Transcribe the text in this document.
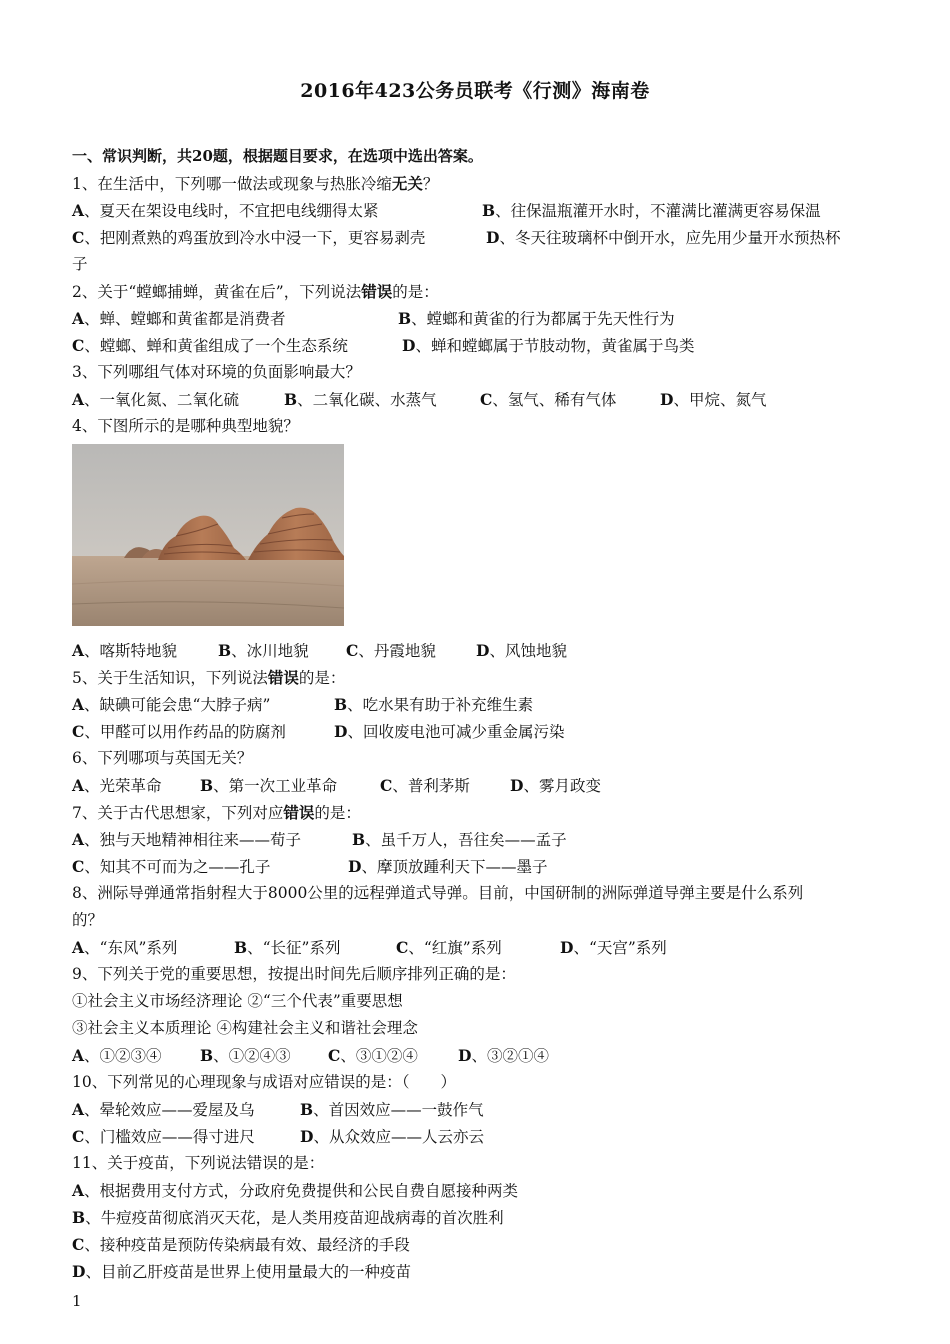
2016年423公务员联考《行测》海南卷
一、常识判断，共20题，根据题目要求，在选项中选出答案。
1、在生活中，下列哪一做法或现象与热胀冷缩无关？
A、夏天在架设电线时，不宜把电线绷得太紧	B、往保温瓶灌开水时，不灌满比灌满更容易保温
C、把刚煮熟的鸡蛋放到冷水中浸一下，更容易剥壳	D、冬天往玻璃杯中倒开水，应先用少量开水预热杯
子
2、关于“螳螂捕蝉，黄雀在后”，下列说法错误的是：
A、蝉、螳螂和黄雀都是消费者	B、螳螂和黄雀的行为都属于先天性行为
C、螳螂、蝉和黄雀组成了一个生态系统	D、蝉和螳螂属于节肢动物，黄雀属于鸟类
3、下列哪组气体对环境的负面影响最大？
A、一氧化氮、二氧化硫	B、二氧化碳、水蒸气	C、氢气、稀有气体	D、甲烷、氮气
4、下图所示的是哪种典型地貌？
A、喀斯特地貌	B、冰川地貌 C、丹霞地貌	D、风蚀地貌
5、关于生活知识，下列说法错误的是：
A、缺碘可能会患“大脖子病”	B、吃水果有助于补充维生素
C、甲醛可以用作药品的防腐剂	D、回收废电池可减少重金属污染
6、下列哪项与英国无关？
A、光荣革命 B、第一次工业革命	C、普利茅斯	D、雾月政变
7、关于古代思想家，下列对应错误的是：
A、独与天地精神相往来——荀子	B、虽千万人，吾往矣——孟子
C、知其不可而为之——孔子	D、摩顶放踵利天下——墨子
8、洲际导弹通常指射程大于8000公里的远程弹道式导弹。目前，中国研制的洲际弹道导弹主要是什么系列
的？
A、“东风”系列	B、“长征”系列	C、“红旗”系列	D、“天宫”系列
9、下列关于党的重要思想，按提出时间先后顺序排列正确的是：
①社会主义市场经济理论 ②“三个代表”重要思想
③社会主义本质理论 ④构建社会主义和谐社会理念
A、①②③④ B、①②④③ C、③①②④	D、③②①④
10、下列常见的心理现象与成语对应错误的是：（　　）
A、晕轮效应——爱屋及乌	B、首因效应——一鼓作气
C、门槛效应——得寸进尺	D、从众效应——人云亦云
11、关于疫苗，下列说法错误的是：
A、根据费用支付方式，分政府免费提供和公民自费自愿接种两类
B、牛痘疫苗彻底消灭天花，是人类用疫苗迎战病毒的首次胜利
C、接种疫苗是预防传染病最有效、最经济的手段
D、目前乙肝疫苗是世界上使用量最大的一种疫苗
1
